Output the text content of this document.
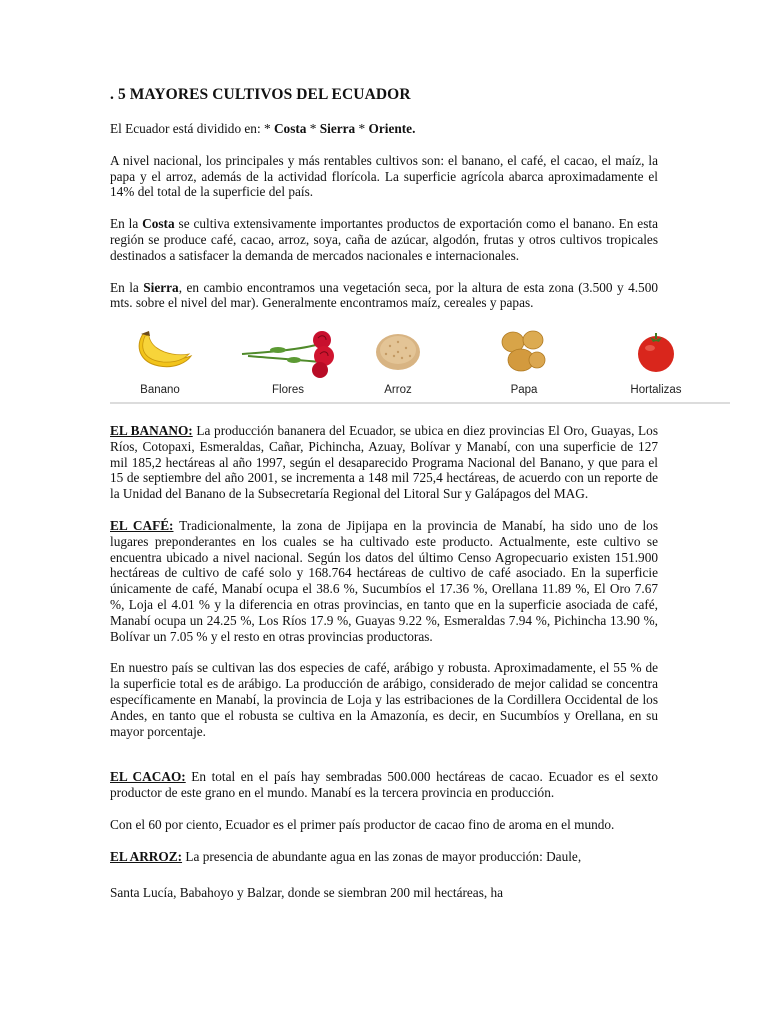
. 5 MAYORES CULTIVOS DEL ECUADOR

El Ecuador está dividido en: * Costa * Sierra * Oriente.

A nivel nacional, los principales y más rentables cultivos son: el banano, el café, el cacao, el maíz, la papa y el arroz, además de la actividad florícola. La superficie agrícola abarca aproximadamente el 14% del total de la superficie del país.

En la Costa se cultiva extensivamente importantes productos de exportación como el banano. En esta región se produce café, cacao, arroz, soya, caña de azúcar, algodón, frutas y otros cultivos tropicales destinados a satisfacer la demanda de mercados nacionales e internacionales.

En la Sierra, en cambio encontramos una vegetación seca, por la altura de esta zona (3.500 y 4.500 mts. sobre el nivel del mar). Generalmente encontramos maíz, cereales y papas.

Banano	Flores	Arroz	Papa	Hortalizas

EL BANANO: La producción bananera del Ecuador, se ubica en diez provincias El Oro, Guayas, Los Ríos, Cotopaxi, Esmeraldas, Cañar, Pichincha, Azuay, Bolívar y Manabí, con una superficie de 127 mil 185,2 hectáreas al año 1997, según el desaparecido Programa Nacional del Banano, y que para el 15 de septiembre del año 2001, se incrementa a 148 mil 725,4 hectáreas, de acuerdo con un reporte de la Unidad del Banano de la Subsecretaría Regional del Litoral Sur y Galápagos del MAG.

EL CAFÉ: Tradicionalmente, la zona de Jipijapa en la provincia de Manabí, ha sido uno de los lugares preponderantes en los cuales se ha cultivado este producto. Actualmente, este cultivo se encuentra ubicado a nivel nacional. Según los datos del último Censo Agropecuario existen 151.900 hectáreas de cultivo de café solo y 168.764 hectáreas de cultivo de café asociado. En la superficie únicamente de café, Manabí ocupa el 38.6 %, Sucumbíos el 17.36 %, Orellana 11.89 %, El Oro 7.67 %, Loja el 4.01 % y la diferencia en otras provincias, en tanto que en la superficie asociada de café, Manabí ocupa un 24.25 %, Los Ríos 17.9 %, Guayas 9.22 %, Esmeraldas 7.94 %, Pichincha 13.90 %, Bolívar un 7.05 % y el resto en otras provincias productoras.

En nuestro país se cultivan las dos especies de café, arábigo y robusta. Aproximadamente, el 55 % de la superficie total es de arábigo. La producción de arábigo, considerado de mejor calidad se concentra específicamente en Manabí, la provincia de Loja y las estribaciones de la Cordillera Occidental de los Andes, en tanto que el robusta se cultiva en la Amazonía, es decir, en Sucumbíos y Orellana, en su mayor porcentaje.

EL CACAO: En total en el país hay sembradas 500.000 hectáreas de cacao. Ecuador es el sexto productor de este grano en el mundo. Manabí es la tercera provincia en producción.

Con el 60 por ciento, Ecuador es el primer país productor de cacao fino de aroma en el mundo.

EL ARROZ: La presencia de abundante agua en las zonas de mayor producción: Daule,

Santa Lucía, Babahoyo y Balzar, donde se siembran 200 mil hectáreas, ha
